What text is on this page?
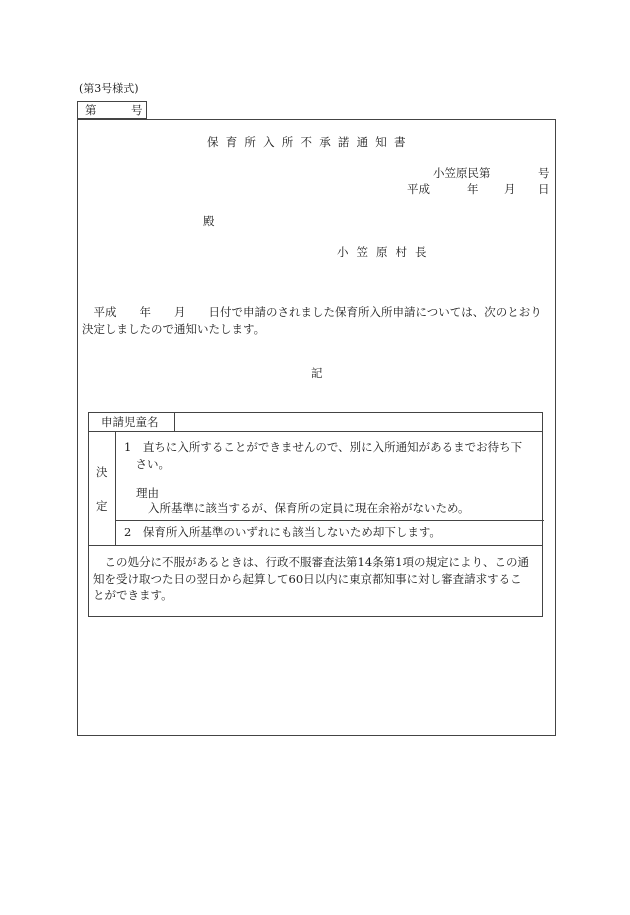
(第3号様式)
第	号
保育所入所不承諾通知書
小笠原民第	号
平成	年 月 日
殿
小笠原村長
　平成　　年　　月　　日付で申請のされました保育所入所申請については、次のとおり
決定しましたので通知いたします。
記
申請児童名
決
定
1　直ちに入所することができませんので、別に入所通知があるまでお待ち下
　さい。
理由
入所基準に該当するが、保育所の定員に現在余裕がないため。
2　保育所入所基準のいずれにも該当しないため却下します。
　この処分に不服があるときは、行政不服審査法第14条第1項の規定により、この通
知を受け取つた日の翌日から起算して60日以内に東京都知事に対し審査請求するこ
とができます。
